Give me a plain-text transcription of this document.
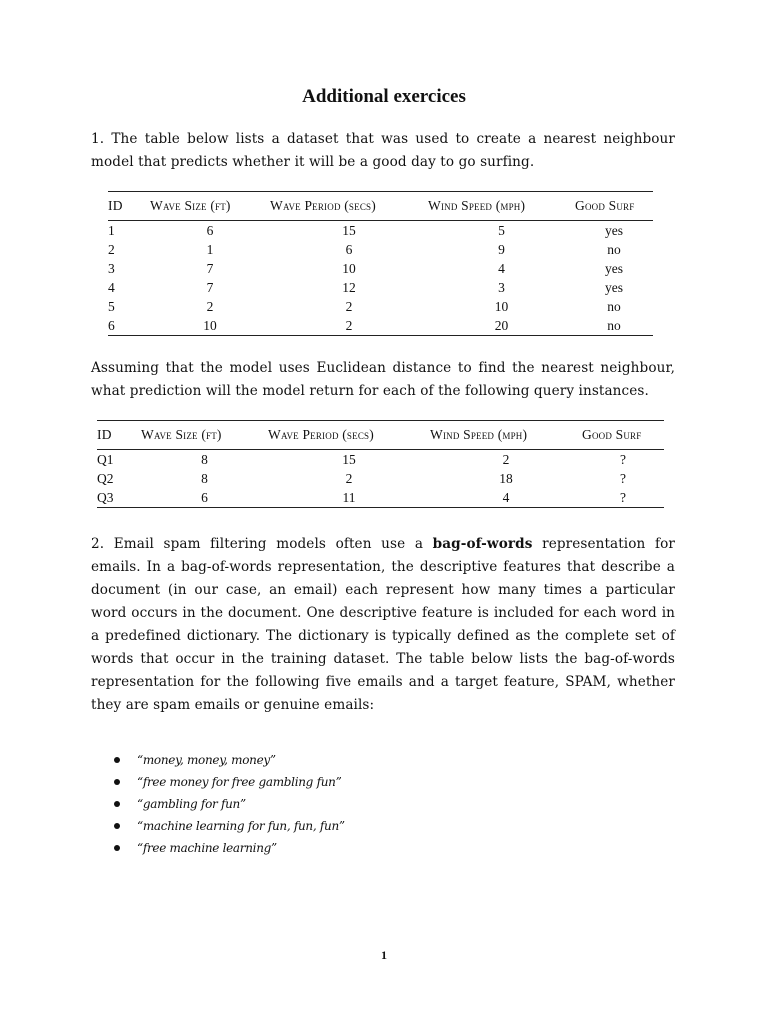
Additional exercices
1. The table below lists a dataset that was used to create a nearest neighbour model that predicts whether it will be a good day to go surfing.
ID	Wave Size (ft)	Wave Period (secs)	Wind Speed (mph)	Good Surf
1	6	15	5	yes
2	1	6	9	no
3	7	10	4	yes
4	7	12	3	yes
5	2	2	10	no
6	10	2	20	no
Assuming that the model uses Euclidean distance to find the nearest neighbour, what prediction will the model return for each of the following query instances.
ID	Wave Size (ft)	Wave Period (secs)	Wind Speed (mph)	Good Surf
Q1	8	15	2	?
Q2	8	2	18	?
Q3	6	11	4	?
2. Email spam filtering models often use a bag-of-words representation for emails. In a bag-of-words representation, the descriptive features that describe a document (in our case, an email) each represent how many times a particular word occurs in the document. One descriptive feature is included for each word in a predefined dictionary. The dictionary is typically defined as the complete set of words that occur in the training dataset. The table below lists the bag-of-words representation for the following five emails and a target feature, SPAM, whether they are spam emails or genuine emails:
“money, money, money”
“free money for free gambling fun”
“gambling for fun”
“machine learning for fun, fun, fun”
“free machine learning”
1
